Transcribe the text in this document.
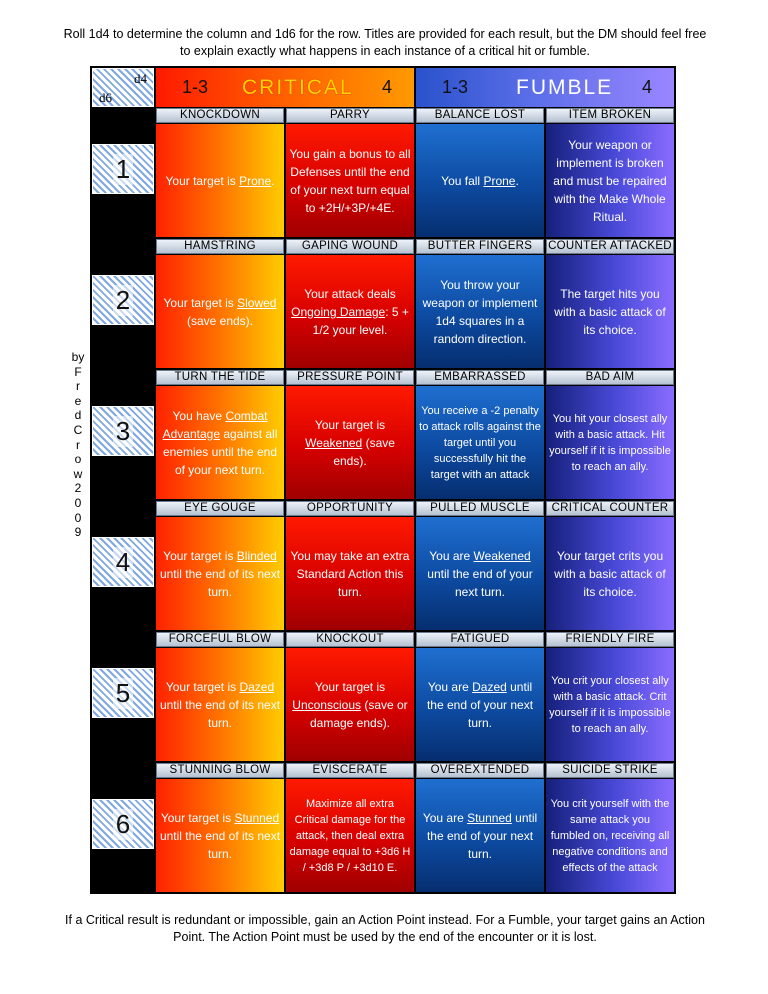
Roll 1d4 to determine the column and 1d6 for the row. Titles are provided for each result, but the DM should feel free to explain exactly what happens in each instance of a critical hit or fumble.
by
F
r
e
d
C
r
o
w
2
0
0
9
d4
d6
1-3 CRITICAL 4	1-3 FUMBLE 4
1
KNOCKDOWN
Your target is Prone.
PARRY
You gain a bonus to all Defenses until the end of your next turn equal to +2H/+3P/+4E.
BALANCE LOST
You fall Prone.
ITEM BROKEN
Your weapon or implement is broken and must be repaired with the Make Whole Ritual.
2
HAMSTRING
Your target is Slowed (save ends).
GAPING WOUND
Your attack deals Ongoing Damage: 5 + 1/2 your level.
BUTTER FINGERS
You throw your weapon or implement 1d4 squares in a random direction.
COUNTER ATTACKED
The target hits you with a basic attack of its choice.
3
TURN THE TIDE
You have Combat Advantage against all enemies until the end of your next turn.
PRESSURE POINT
Your target is Weakened (save ends).
EMBARRASSED
You receive a -2 penalty to attack rolls against the target until you successfully hit the target with an attack
BAD AIM
You hit your closest ally with a basic attack. Hit yourself if it is impossible to reach an ally.
4
EYE GOUGE
Your target is Blinded until the end of its next turn.
OPPORTUNITY
You may take an extra Standard Action this turn.
PULLED MUSCLE
You are Weakened until the end of your next turn.
CRITICAL COUNTER
Your target crits you with a basic attack of its choice.
5
FORCEFUL BLOW
Your target is Dazed until the end of its next turn.
KNOCKOUT
Your target is Unconscious (save or damage ends).
FATIGUED
You are Dazed until the end of your next turn.
FRIENDLY FIRE
You crit your closest ally with a basic attack. Crit yourself if it is impossible to reach an ally.
6
STUNNING BLOW
Your target is Stunned until the end of its next turn.
EVISCERATE
Maximize all extra Critical damage for the attack, then deal extra damage equal to +3d6 H / +3d8 P / +3d10 E.
OVEREXTENDED
You are Stunned until the end of your next turn.
SUICIDE STRIKE
You crit yourself with the same attack you fumbled on, receiving all negative conditions and effects of the attack
If a Critical result is redundant or impossible, gain an Action Point instead. For a Fumble, your target gains an Action Point. The Action Point must be used by the end of the encounter or it is lost.
